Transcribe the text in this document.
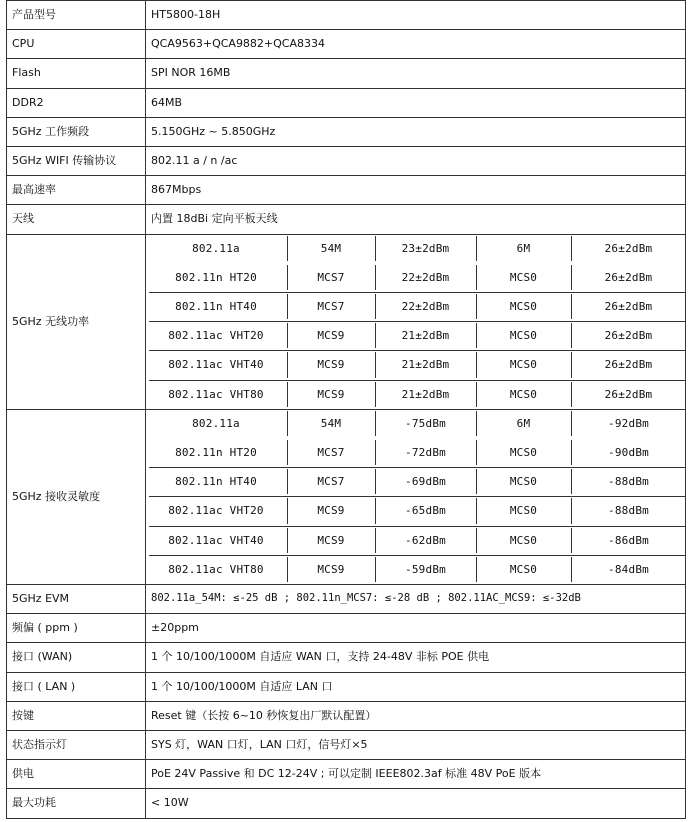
产品型号	HT5800-18H
CPU	QCA9563+QCA9882+QCA8334
Flash	SPI NOR 16MB
DDR2	64MB
5GHz 工作频段	5.150GHz ~ 5.850GHz
5GHz WIFI 传输协议	802.11 a / n /ac
最高速率	867Mbps
天线	内置 18dBi 定向平板天线
5GHz 无线功率
802.11a	54M	23±2dBm	6M	26±2dBm
802.11n HT20	MCS7	22±2dBm	MCS0	26±2dBm
802.11n HT40	MCS7	22±2dBm	MCS0	26±2dBm
802.11ac VHT20	MCS9	21±2dBm	MCS0	26±2dBm
802.11ac VHT40	MCS9	21±2dBm	MCS0	26±2dBm
802.11ac VHT80	MCS9	21±2dBm	MCS0	26±2dBm
5GHz 接收灵敏度
802.11a	54M	-75dBm	6M	-92dBm
802.11n HT20	MCS7	-72dBm	MCS0	-90dBm
802.11n HT40	MCS7	-69dBm	MCS0	-88dBm
802.11ac VHT20	MCS9	-65dBm	MCS0	-88dBm
802.11ac VHT40	MCS9	-62dBm	MCS0	-86dBm
802.11ac VHT80	MCS9	-59dBm	MCS0	-84dBm
5GHz EVM	802.11a_54M: ≤-25 dB ; 802.11n_MCS7: ≤-28 dB ; 802.11AC_MCS9: ≤-32dB
频偏 ( ppm )	±20ppm
接口 (WAN)	1 个 10/100/1000M 自适应 WAN 口，支持 24-48V 非标 POE 供电
接口 ( LAN )	1 个 10/100/1000M 自适应 LAN 口
按键	Reset 键（长按 6~10 秒恢复出厂默认配置）
状态指示灯	SYS 灯，WAN 口灯，LAN 口灯，信号灯×5
供电	PoE 24V Passive 和 DC 12-24V ; 可以定制 IEEE802.3af 标准 48V PoE 版本
最大功耗	< 10W
